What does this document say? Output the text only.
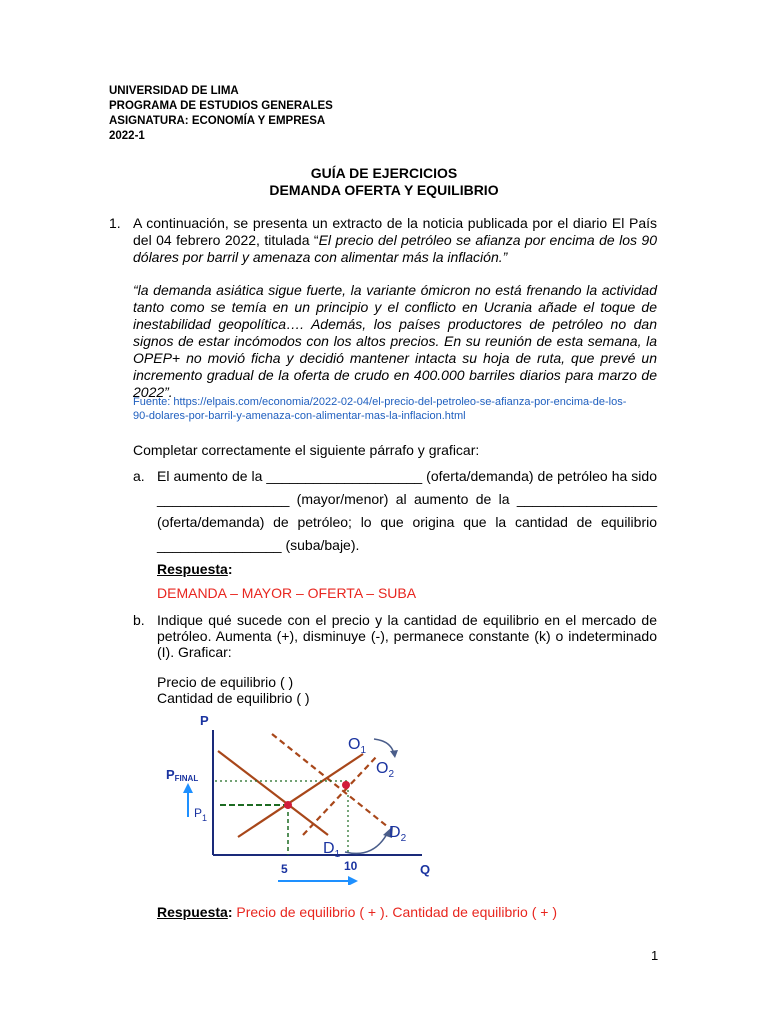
UNIVERSIDAD DE LIMA
PROGRAMA DE ESTUDIOS GENERALES
ASIGNATURA: ECONOMÍA Y EMPRESA
2022-1
GUÍA DE EJERCICIOS
DEMANDA OFERTA Y EQUILIBRIO
1. A continuación, se presenta un extracto de la noticia publicada por el diario El País
del 04 febrero 2022, titulada “El precio del petróleo se afianza por encima de los 90
dólares por barril y amenaza con alimentar más la inflación.”
“la demanda asiática sigue fuerte, la variante ómicron no está frenando la actividad
tanto como se temía en un principio y el conflicto en Ucrania añade el toque de
inestabilidad geopolítica…. Además, los países productores de petróleo no dan
signos de estar incómodos con los altos precios. En su reunión de esta semana, la
OPEP+ no movió ficha y decidió mantener intacta su hoja de ruta, que prevé un
incremento gradual de la oferta de crudo en 400.000 barriles diarios para marzo de
2022”.
Fuente: https://elpais.com/economia/2022-02-04/el-precio-del-petroleo-se-afianza-por-encima-de-los-
90-dolares-por-barril-y-amenaza-con-alimentar-mas-la-inflacion.html
Completar correctamente el siguiente párrafo y graficar:
a. El aumento de la ____________________ (oferta/demanda) de petróleo ha sido
_________________ (mayor/menor) al aumento de la __________________
(oferta/demanda) de petróleo; lo que origina que la cantidad de equilibrio
________________ (suba/baje).
Respuesta:
DEMANDA – MAYOR – OFERTA – SUBA
b. Indique qué sucede con el precio y la cantidad de equilibrio en el mercado de
petróleo. Aumenta (+), disminuye (-), permanece constante (k) o indeterminado
(I). Graficar:
Precio de equilibrio ( )
Cantidad de equilibrio ( )
P
Q
PFINAL
$P_1$
$O_1$
$O_2$
$D_1$
$D_2$
5	10
Respuesta: Precio de equilibrio ( + ). Cantidad de equilibrio ( + )
1
